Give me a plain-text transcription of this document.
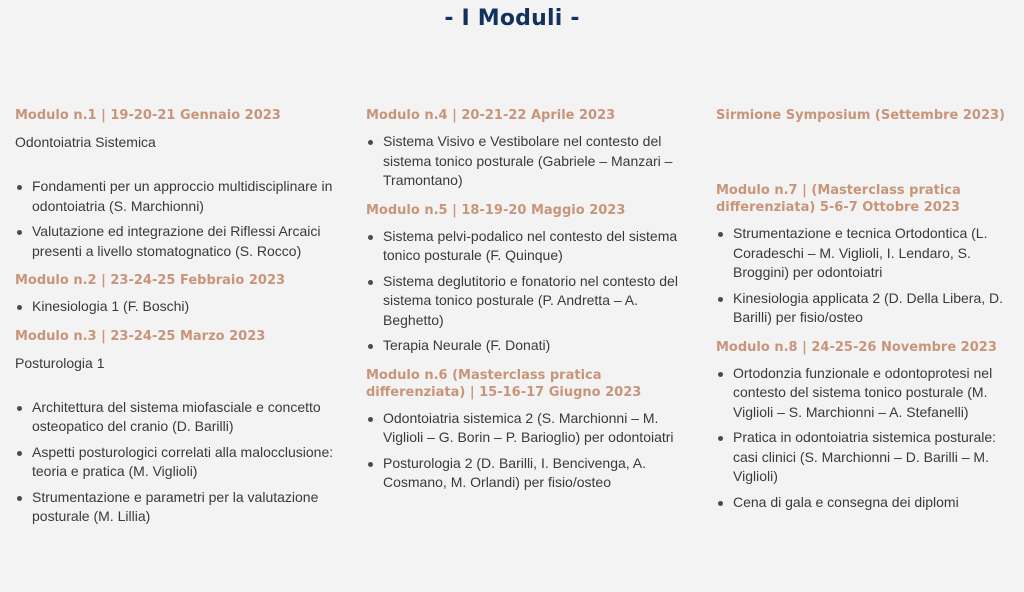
- I Moduli -
Modulo n.1 | 19-20-21 Gennaio 2023
Odontoiatria Sistemica
Fondamenti per un approccio multidisciplinare in odontoiatria (S. Marchionni)
Valutazione ed integrazione dei Riflessi Arcaici presenti a livello stomatognatico (S. Rocco)
Modulo n.2 | 23-24-25 Febbraio 2023
Kinesiologia 1 (F. Boschi)
Modulo n.3 | 23-24-25 Marzo 2023
Posturologia 1
Architettura del sistema miofasciale e concetto osteopatico del cranio (D. Barilli)
Aspetti posturologici correlati alla malocclusione: teoria e pratica (M. Viglioli)
Strumentazione e parametri per la valutazione posturale (M. Lillia)
Modulo n.4 | 20-21-22 Aprile 2023
Sistema Visivo e Vestibolare nel contesto del sistema tonico posturale (Gabriele – Manzari – Tramontano)
Modulo n.5 | 18-19-20 Maggio 2023
Sistema pelvi-podalico nel contesto del sistema tonico posturale (F. Quinque)
Sistema deglutitorio e fonatorio nel contesto del sistema tonico posturale (P. Andretta – A. Beghetto)
Terapia Neurale (F. Donati)
Modulo n.6 (Masterclass pratica differenziata) | 15-16-17 Giugno 2023
Odontoiatria sistemica 2 (S. Marchionni – M. Viglioli – G. Borin – P. Barioglio) per odontoiatri
Posturologia 2 (D. Barilli, I. Bencivenga, A. Cosmano, M. Orlandi) per fisio/osteo
Sirmione Symposium (Settembre 2023)
Modulo n.7 | (Masterclass pratica differenziata) 5-6-7 Ottobre 2023
Strumentazione e tecnica Ortodontica (L. Coradeschi – M. Viglioli, I. Lendaro, S. Broggini) per odontoiatri
Kinesiologia applicata 2 (D. Della Libera, D. Barilli) per fisio/osteo
Modulo n.8 | 24-25-26 Novembre 2023
Ortodonzia funzionale e odontoprotesi nel contesto del sistema tonico posturale (M. Viglioli – S. Marchionni – A. Stefanelli)
Pratica in odontoiatria sistemica posturale: casi clinici (S. Marchionni – D. Barilli – M. Viglioli)
Cena di gala e consegna dei diplomi
